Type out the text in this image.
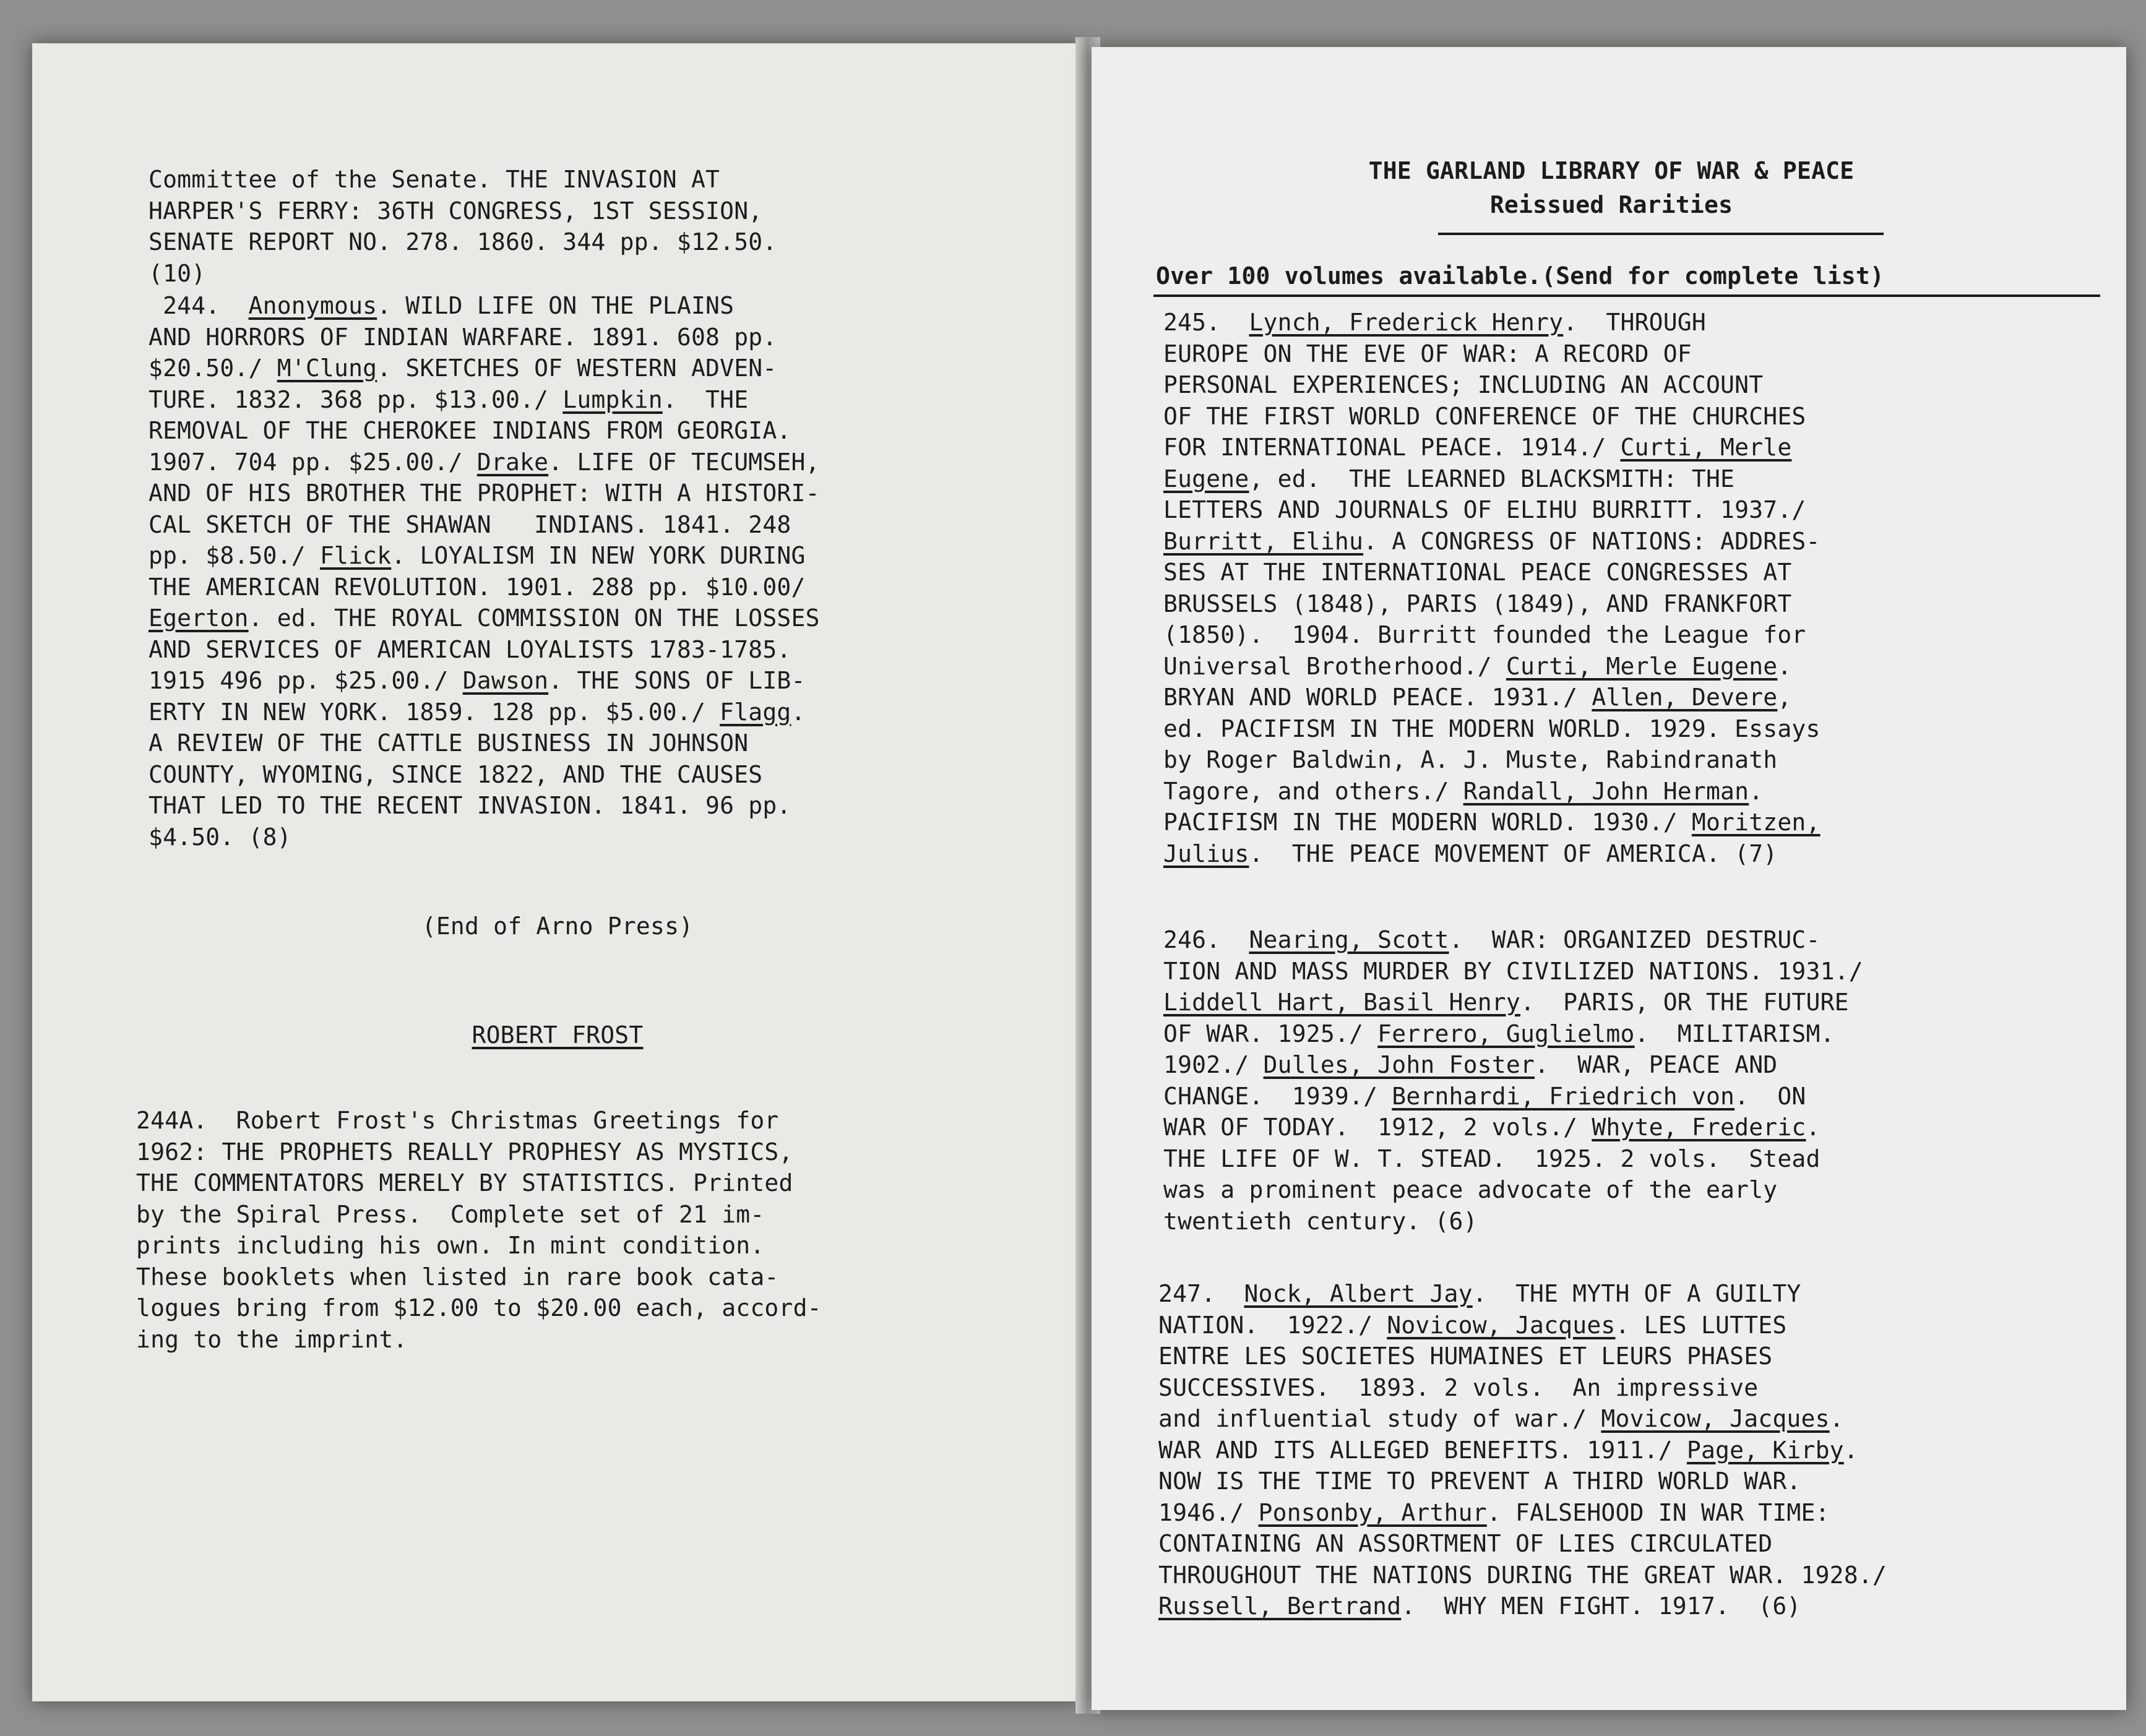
Committee of the Senate. THE INVASION AT
HARPER'S FERRY: 36TH CONGRESS, 1ST SESSION,
SENATE REPORT NO. 278. 1860. 344 pp. $12.50.
(10)
244.  Anonymous. WILD LIFE ON THE PLAINS
AND HORRORS OF INDIAN WARFARE. 1891. 608 pp.
$20.50./ M'Clung. SKETCHES OF WESTERN ADVEN-
TURE. 1832. 368 pp. $13.00./ Lumpkin.  THE
REMOVAL OF THE CHEROKEE INDIANS FROM GEORGIA.
1907. 704 pp. $25.00./ Drake. LIFE OF TECUMSEH,
AND OF HIS BROTHER THE PROPHET: WITH A HISTORI-
CAL SKETCH OF THE SHAWAN   INDIANS. 1841. 248
pp. $8.50./ Flick. LOYALISM IN NEW YORK DURING
THE AMERICAN REVOLUTION. 1901. 288 pp. $10.00/
Egerton. ed. THE ROYAL COMMISSION ON THE LOSSES
AND SERVICES OF AMERICAN LOYALISTS 1783-1785.
1915 496 pp. $25.00./ Dawson. THE SONS OF LIB-
ERTY IN NEW YORK. 1859. 128 pp. $5.00./ Flagg.
A REVIEW OF THE CATTLE BUSINESS IN JOHNSON
COUNTY, WYOMING, SINCE 1822, AND THE CAUSES
THAT LED TO THE RECENT INVASION. 1841. 96 pp.
$4.50. (8)
(End of Arno Press)
ROBERT FROST
244A.  Robert Frost's Christmas Greetings for
1962: THE PROPHETS REALLY PROPHESY AS MYSTICS,
THE COMMENTATORS MERELY BY STATISTICS. Printed
by the Spiral Press.  Complete set of 21 im-
prints including his own. In mint condition.
These booklets when listed in rare book cata-
logues bring from $12.00 to $20.00 each, accord-
ing to the imprint.
THE GARLAND LIBRARY OF WAR & PEACE
Reissued Rarities
Over 100 volumes available.(Send for complete list)
245.  Lynch, Frederick Henry.  THROUGH
EUROPE ON THE EVE OF WAR: A RECORD OF
PERSONAL EXPERIENCES; INCLUDING AN ACCOUNT
OF THE FIRST WORLD CONFERENCE OF THE CHURCHES
FOR INTERNATIONAL PEACE. 1914./ Curti, Merle
Eugene, ed.  THE LEARNED BLACKSMITH: THE
LETTERS AND JOURNALS OF ELIHU BURRITT. 1937./
Burritt, Elihu. A CONGRESS OF NATIONS: ADDRES-
SES AT THE INTERNATIONAL PEACE CONGRESSES AT
BRUSSELS (1848), PARIS (1849), AND FRANKFORT
(1850).  1904. Burritt founded the League for
Universal Brotherhood./ Curti, Merle Eugene.
BRYAN AND WORLD PEACE. 1931./ Allen, Devere,
ed. PACIFISM IN THE MODERN WORLD. 1929. Essays
by Roger Baldwin, A. J. Muste, Rabindranath
Tagore, and others./ Randall, John Herman.
PACIFISM IN THE MODERN WORLD. 1930./ Moritzen,
Julius.  THE PEACE MOVEMENT OF AMERICA. (7)
246.  Nearing, Scott.  WAR: ORGANIZED DESTRUC-
TION AND MASS MURDER BY CIVILIZED NATIONS. 1931./
Liddell Hart, Basil Henry.  PARIS, OR THE FUTURE
OF WAR. 1925./ Ferrero, Guglielmo.  MILITARISM.
1902./ Dulles, John Foster.  WAR, PEACE AND
CHANGE.  1939./ Bernhardi, Friedrich von.  ON
WAR OF TODAY.  1912, 2 vols./ Whyte, Frederic.
THE LIFE OF W. T. STEAD.  1925. 2 vols.  Stead
was a prominent peace advocate of the early
twentieth century. (6)
247.  Nock, Albert Jay.  THE MYTH OF A GUILTY
NATION.  1922./ Novicow, Jacques. LES LUTTES
ENTRE LES SOCIETES HUMAINES ET LEURS PHASES
SUCCESSIVES.  1893. 2 vols.  An impressive
and influential study of war./ Movicow, Jacques.
WAR AND ITS ALLEGED BENEFITS. 1911./ Page, Kirby.
NOW IS THE TIME TO PREVENT A THIRD WORLD WAR.
1946./ Ponsonby, Arthur. FALSEHOOD IN WAR TIME:
CONTAINING AN ASSORTMENT OF LIES CIRCULATED
THROUGHOUT THE NATIONS DURING THE GREAT WAR. 1928./
Russell, Bertrand.  WHY MEN FIGHT. 1917.  (6)
